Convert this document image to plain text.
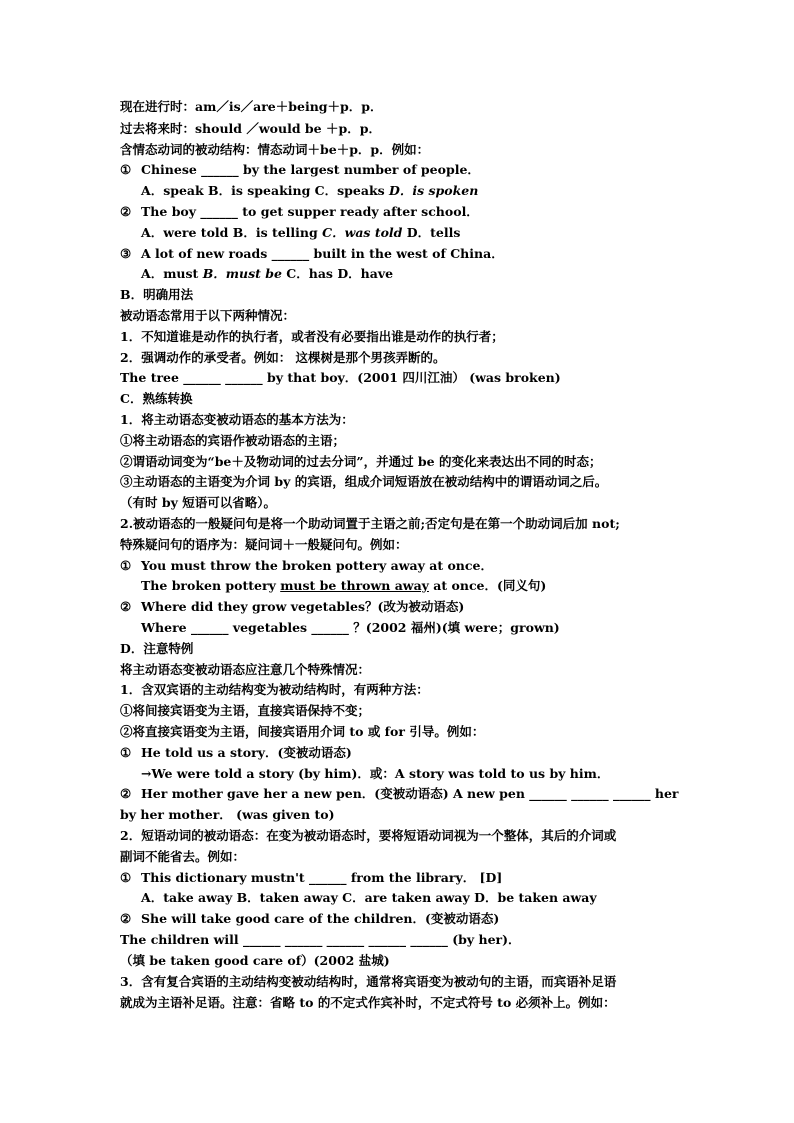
现在进行时：am／is／are＋being＋p．p．
过去将来时：should ／would be ＋p．p．
含情态动词的被动结构：情态动词＋be＋p．p．例如：
① Chinese ______ by the largest number of people．
A．speak B．is speaking C．speaks D．is spoken
② The boy ______ to get supper ready after school．
A．were told B．is telling C．was told D．tells
③ A lot of new roads ______ built in the west of China．
A．must B．must be C．has D．have
B．明确用法
被动语态常用于以下两种情况：
1．不知道谁是动作的执行者，或者没有必要指出谁是动作的执行者；
2．强调动作的承受者。例如： 这棵树是那个男孩弄断的。
The tree ______ ______ by that boy．(2001 四川江油） (was broken)
C．熟练转换
1．将主动语态变被动语态的基本方法为：
①将主动语态的宾语作被动语态的主语；
②谓语动词变为“be＋及物动词的过去分词”，并通过 be 的变化来表达出不同的时态；
③主动语态的主语变为介词 by 的宾语，组成介词短语放在被动结构中的谓语动词之后。
（有时 by 短语可以省略）。
2.被动语态的一般疑问句是将一个助动词置于主语之前;否定句是在第一个助动词后加 not;
特殊疑问句的语序为：疑问词＋一般疑问句。例如：
① You must throw the broken pottery away at once．
The broken pottery must be thrown away at once．(同义句)
② Where did they grow vegetables？(改为被动语态)
Where ______ vegetables ______ ？(2002 福州)(填 were；grown)
D．注意特例
将主动语态变被动语态应注意几个特殊情况：
1．含双宾语的主动结构变为被动结构时，有两种方法：
①将间接宾语变为主语，直接宾语保持不变；
②将直接宾语变为主语，间接宾语用介词 to 或 for 引导。例如：
① He told us a story．(变被动语态)
→We were told a story (by him)．或：A story was told to us by him．
② Her mother gave her a new pen．(变被动语态) A new pen ______ ______ ______ her
by her mother． (was given to)
2．短语动词的被动语态：在变为被动语态时，要将短语动词视为一个整体，其后的介词或
副词不能省去。例如：
① This dictionary mustn't ______ from the library． [D]
A．take away B．taken away C．are taken away D．be taken away
② She will take good care of the children．(变被动语态)
The children will ______ ______ ______ ______ ______ (by her)．
（填 be taken good care of）(2002 盐城)
3．含有复合宾语的主动结构变被动结构时，通常将宾语变为被动句的主语，而宾语补足语
就成为主语补足语。注意：省略 to 的不定式作宾补时，不定式符号 to 必须补上。例如：
